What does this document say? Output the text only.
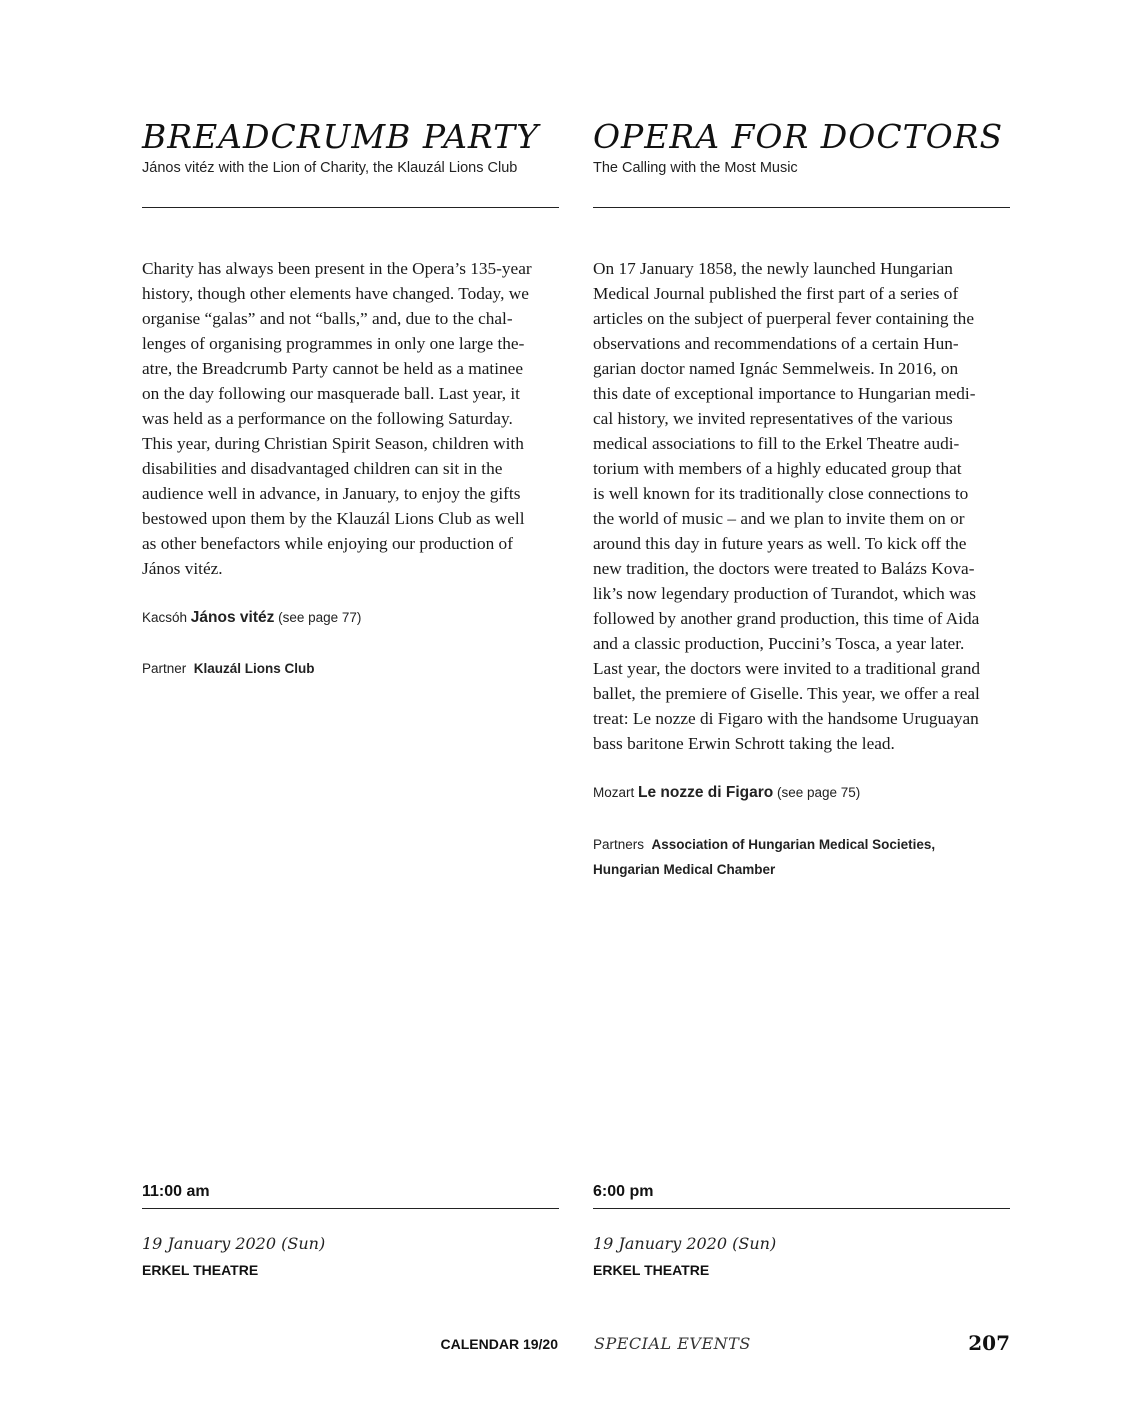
BREADCRUMB PARTY

János vitéz with the Lion of Charity, the Klauzál Lions Club

Charity has always been present in the Opera’s 135-year
history, though other elements have changed. Today, we
organise “galas” and not “balls,” and, due to the chal-
lenges of organising programmes in only one large the-
atre, the Breadcrumb Party cannot be held as a matinee
on the day following our masquerade ball. Last year, it
was held as a performance on the following Saturday.
This year, during Christian Spirit Season, children with
disabilities and disadvantaged children can sit in the
audience well in advance, in January, to enjoy the gifts
bestowed upon them by the Klauzál Lions Club as well
as other benefactors while enjoying our production of
János vitéz.

Kacsóh János vitéz (see page 77)

Partner Klauzál Lions Club

11:00 am

19 January 2020 (Sun)

ERKEL THEATRE

OPERA FOR DOCTORS

The Calling with the Most Music

On 17 January 1858, the newly launched Hungarian
Medical Journal published the first part of a series of
articles on the subject of puerperal fever containing the
observations and recommendations of a certain Hun-
garian doctor named Ignác Semmelweis. In 2016, on
this date of exceptional importance to Hungarian medi-
cal history, we invited representatives of the various
medical associations to fill to the Erkel Theatre audi-
torium with members of a highly educated group that
is well known for its traditionally close connections to
the world of music – and we plan to invite them on or
around this day in future years as well. To kick off the
new tradition, the doctors were treated to Balázs Kova-
lik’s now legendary production of Turandot, which was
followed by another grand production, this time of Aida
and a classic production, Puccini’s Tosca, a year later.
Last year, the doctors were invited to a traditional grand
ballet, the premiere of Giselle. This year, we offer a real
treat: Le nozze di Figaro with the handsome Uruguayan
bass baritone Erwin Schrott taking the lead.

Mozart Le nozze di Figaro (see page 75)

Partners Association of Hungarian Medical Societies,
Hungarian Medical Chamber

6:00 pm

19 January 2020 (Sun)

ERKEL THEATRE

CALENDAR 19/20 SPECIAL EVENTS	207
